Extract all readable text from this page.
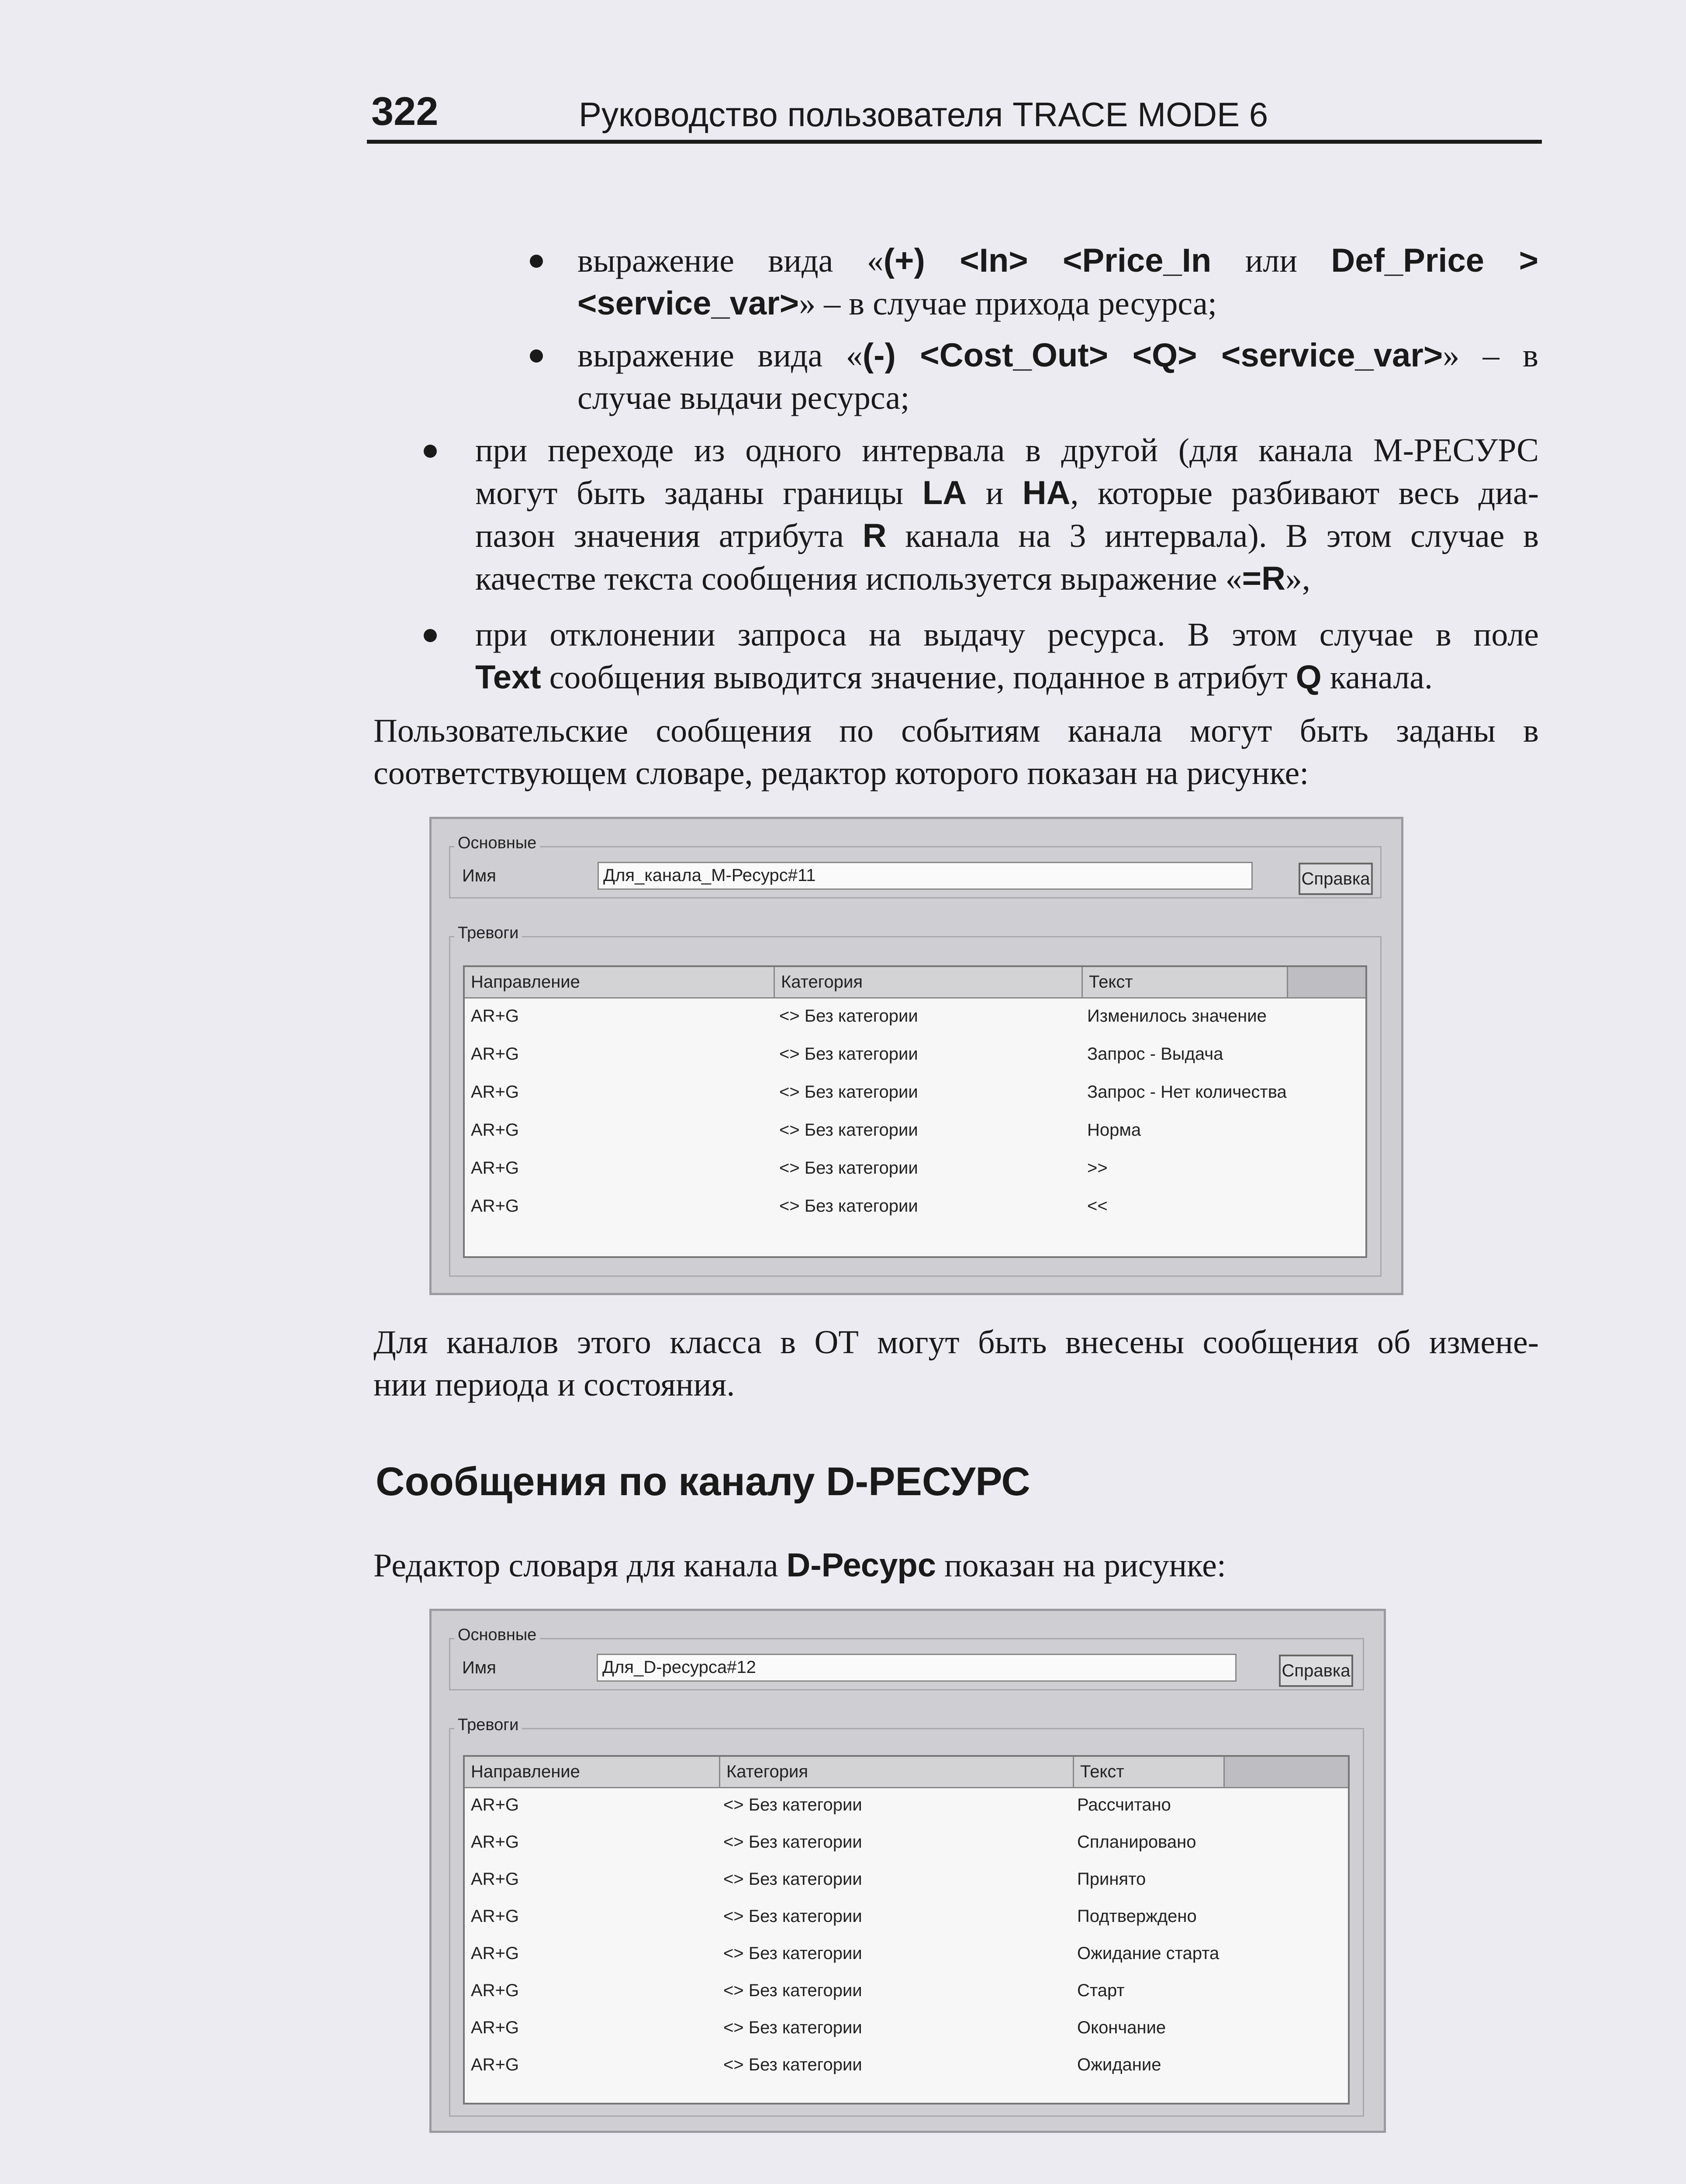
322	Руководство пользователя TRACE MODE 6
выражение вида «(+) <In> <Price_In или Def_Price >
<service_var>» – в случае прихода ресурса;
выражение вида «(-) <Cost_Out> <Q> <service_var>» – в
случае выдачи ресурса;
при переходе из одного интервала в другой (для канала М-РЕСУРС
могут быть заданы границы LA и HA, которые разбивают весь диа-
пазон значения атрибута R канала на 3 интервала). В этом случае в
качестве текста сообщения используется выражение «=R»,
при отклонении запроса на выдачу ресурса. В этом случае в поле
Text сообщения выводится значение, поданное в атрибут Q канала.
Пользовательские сообщения по событиям канала могут быть заданы в
соответствующем словаре, редактор которого показан на рисунке:
Основные
Имя	Для_канала_М-Ресурс#11	Справка
Тревоги
Направление	Категория	Текст
AR+G	<> Без категории	Изменилось значение
AR+G	<> Без категории	Запрос - Выдача
AR+G	<> Без категории	Запрос - Нет количества
AR+G	<> Без категории	Норма
AR+G	<> Без категории	>>
AR+G	<> Без категории	<<
Для каналов этого класса в ОТ могут быть внесены сообщения об измене-
нии периода и состояния.
Сообщения по каналу D-РЕСУРС
Редактор словаря для канала D-Ресурс показан на рисунке:
Основные
Имя	Для_D-ресурса#12	Справка
Тревоги
Направление	Категория	Текст
AR+G	<> Без категории	Рассчитано
AR+G	<> Без категории	Спланировано
AR+G	<> Без категории	Принято
AR+G	<> Без категории	Подтверждено
AR+G	<> Без категории	Ожидание старта
AR+G	<> Без категории	Старт
AR+G	<> Без категории	Окончание
AR+G	<> Без категории	Ожидание
